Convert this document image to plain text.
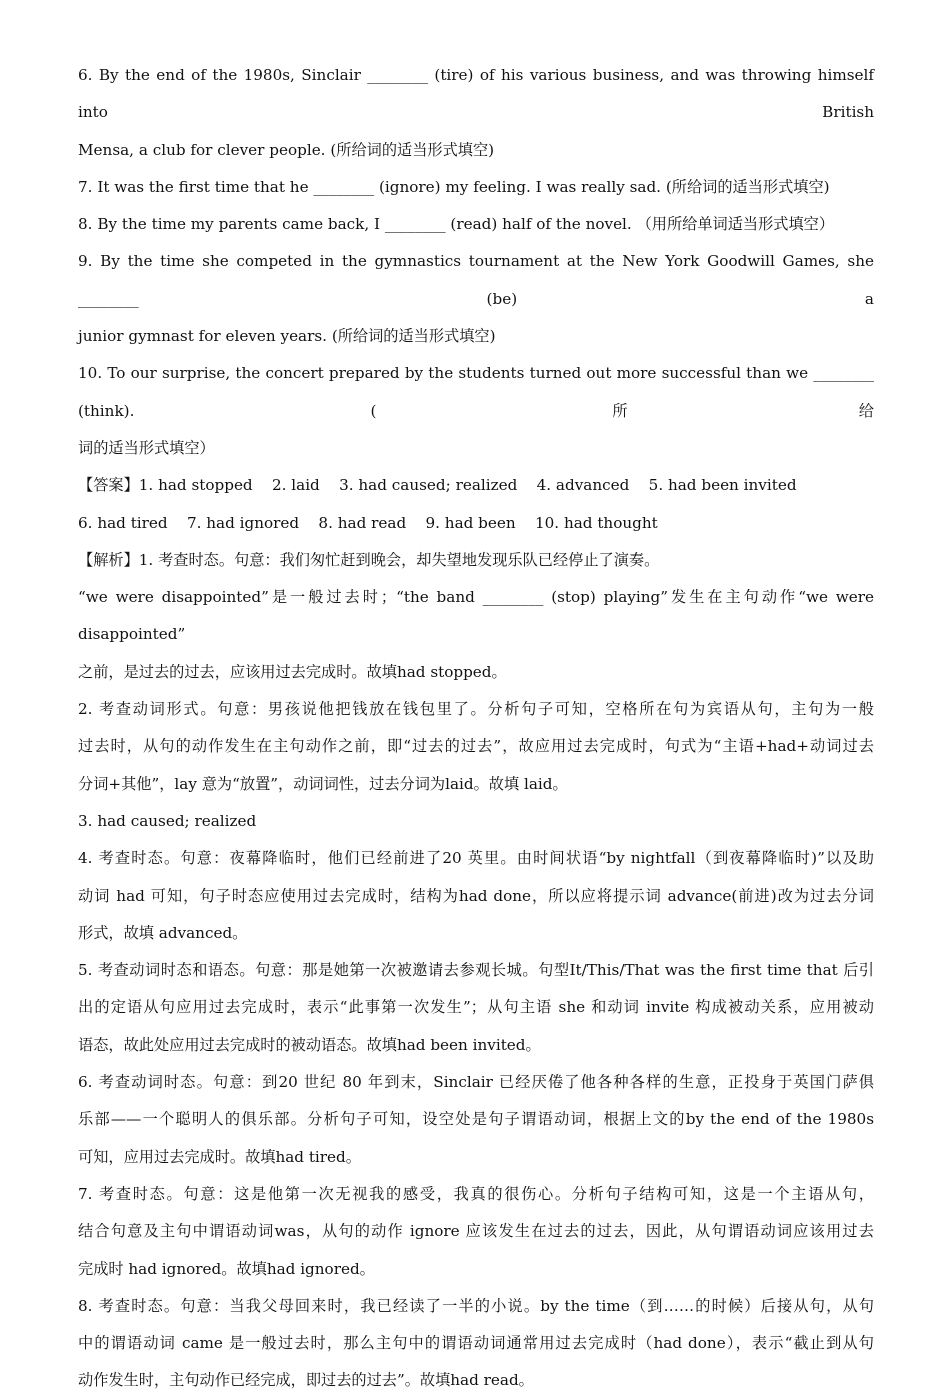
6. By the end of the 1980s, Sinclair ________ (tire) of his various business, and was throwing himself into British
Mensa, a club for clever people. (所给词的适当形式填空)
7. It was the first time that he ________ (ignore) my feeling. I was really sad. (所给词的适当形式填空)
8. By the time my parents came back, I ________ (read) half of the novel. （用所给单词适当形式填空）
9. By the time she competed in the gymnastics tournament at the New York Goodwill Games, she ________ (be) a
junior gymnast for eleven years. (所给词的适当形式填空)
10. To our surprise, the concert prepared by the students turned out more successful than we ________ (think). ( 所给
词的适当形式填空）
【答案】1. had stopped    2. laid    3. had caused; realized    4. advanced    5. had been invited
6. had tired    7. had ignored    8. had read    9. had been    10. had thought
【解析】1. 考查时态。句意：我们匆忙赶到晚会，却失望地发现乐队已经停止了演奏。
“we were disappointed”是一般过去时；“the band ________ (stop) playing”发生在主句动作“we were disappointed”
之前，是过去的过去，应该用过去完成时。故填had stopped。
2. 考查动词形式。句意：男孩说他把钱放在钱包里了。分析句子可知，空格所在句为宾语从句，主句为一般
过去时，从句的动作发生在主句动作之前，即“过去的过去”，故应用过去完成时，句式为“主语+had+动词过去
分词+其他”，lay 意为“放置”，动词词性，过去分词为laid。故填 laid。
3. had caused; realized
4. 考查时态。句意：夜幕降临时，他们已经前进了20 英里。由时间状语“by nightfall（到夜幕降临时)”以及助
动词 had 可知，句子时态应使用过去完成时，结构为had done，所以应将提示词 advance(前进)改为过去分词
形式，故填 advanced。
5. 考查动词时态和语态。句意：那是她第一次被邀请去参观长城。句型It/This/That was the first time that 后引
出的定语从句应用过去完成时，表示“此事第一次发生”；从句主语 she 和动词 invite 构成被动关系，应用被动
语态，故此处应用过去完成时的被动语态。故填had been invited。
6. 考查动词时态。句意：到20 世纪 80 年到末，Sinclair 已经厌倦了他各种各样的生意，正投身于英国门萨俱
乐部——一个聪明人的俱乐部。分析句子可知，设空处是句子谓语动词，根据上文的by the end of the 1980s
可知，应用过去完成时。故填had tired。
7. 考查时态。句意：这是他第一次无视我的感受，我真的很伤心。分析句子结构可知，这是一个主语从句，
结合句意及主句中谓语动词was，从句的动作 ignore 应该发生在过去的过去，因此，从句谓语动词应该用过去
完成时 had ignored。故填had ignored。
8. 考查时态。句意：当我父母回来时，我已经读了一半的小说。by the time（到……的时候）后接从句，从句
中的谓语动词 came 是一般过去时，那么主句中的谓语动词通常用过去完成时（had done），表示“截止到从句
动作发生时，主句动作已经完成，即过去的过去”。故填had read。
